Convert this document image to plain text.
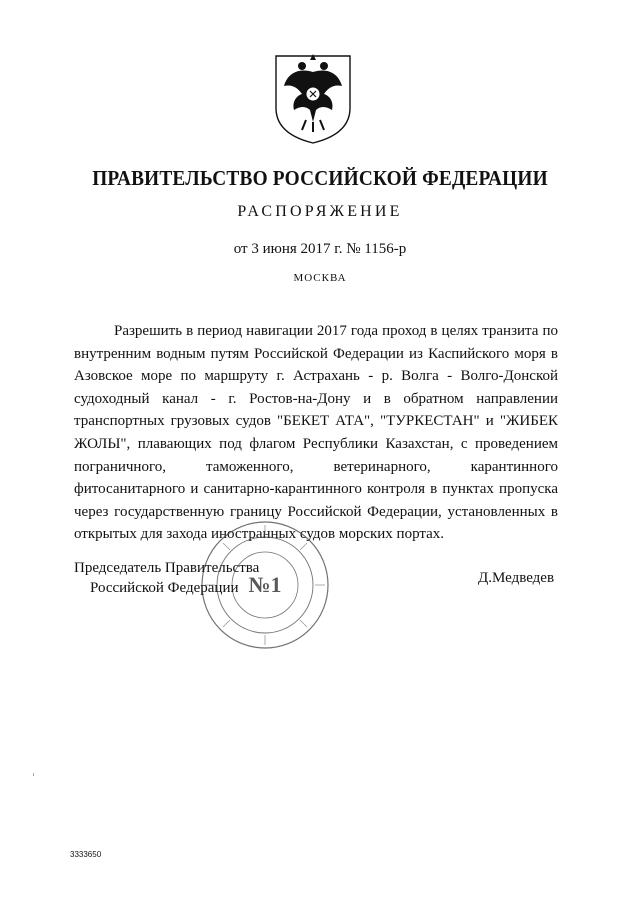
ПРАВИТЕЛЬСТВО РОССИЙСКОЙ ФЕДЕРАЦИИ
РАСПОРЯЖЕНИЕ
от 3 июня 2017 г. № 1156-р
МОСКВА
Разрешить в период навигации 2017 года проход в целях транзита по внутренним водным путям Российской Федерации из Каспийского моря в Азовское море по маршруту г. Астрахань - р. Волга - Волго-Донской судоходный канал - г. Ростов-на-Дону и в обратном направлении транспортных грузовых судов "БЕКЕТ АТА", "ТУРКЕСТАН" и "ЖИБЕК ЖОЛЫ", плавающих под флагом Республики Казахстан, с проведением пограничного, таможенного, ветеринарного, карантинного фитосанитарного и санитарно-карантинного контроля в пунктах пропуска через государственную границу Российской Федерации, установленных в открытых для захода иностранных судов морских портах.
№1
Председатель Правительства
Российской Федерации
Д.Медведев
3333650
